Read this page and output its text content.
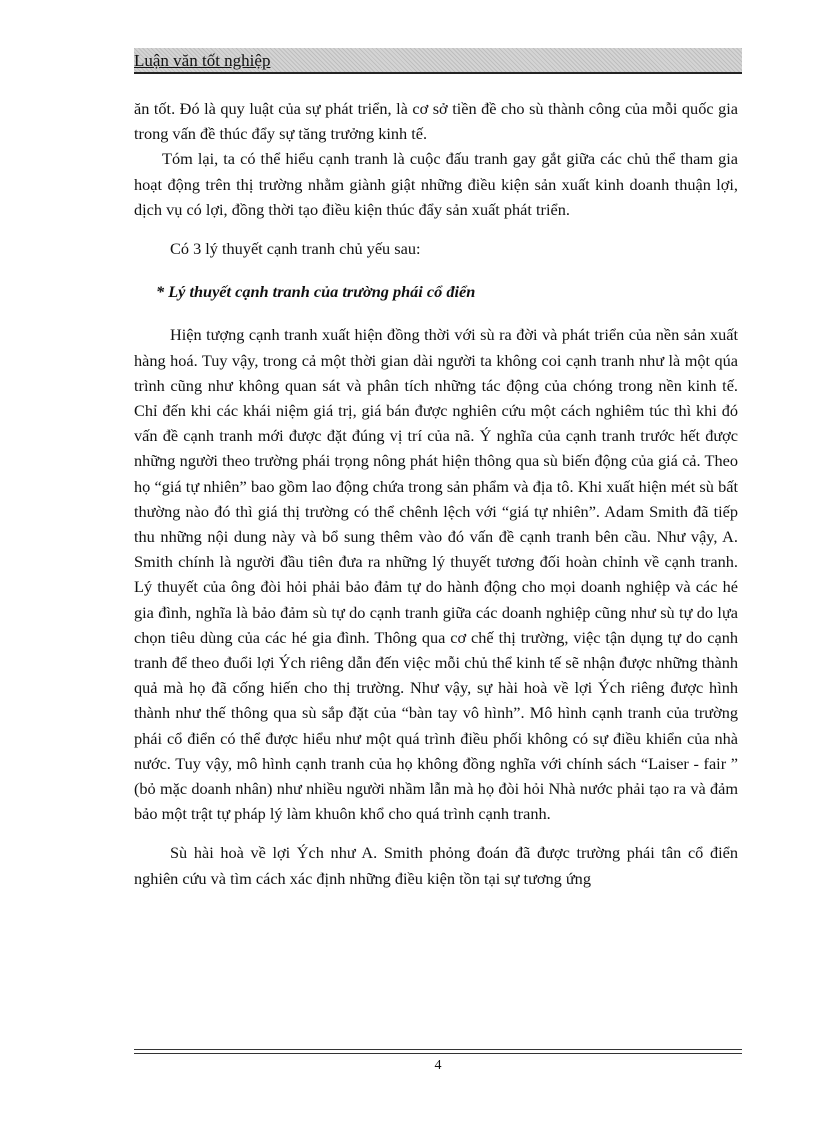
Luận văn tốt nghiệp

ăn tốt. Đó là quy luật của sự phát triển, là cơ sở tiền đề cho sù thành công của mỗi quốc gia trong vấn đề thúc đẩy sự tăng trưởng kinh tế.

Tóm lại, ta có thể hiểu cạnh tranh là cuộc đấu tranh gay gắt giữa các chủ thể tham gia hoạt động trên thị trường nhằm giành giật những điều kiện sản xuất kinh doanh thuận lợi, dịch vụ có lợi, đồng thời tạo điều kiện thúc đẩy sản xuất phát triển.

Có 3 lý thuyết cạnh tranh chủ yếu sau:

* Lý thuyết cạnh tranh của trường phái cổ điển

Hiện tượng cạnh tranh xuất hiện đồng thời với sù ra đời và phát triển của nền sản xuất hàng hoá. Tuy vậy, trong cả một thời gian dài người ta không coi cạnh tranh như là một qúa trình cũng như không quan sát và phân tích những tác động của chóng trong nền kinh tế. Chỉ đến khi các khái niệm giá trị, giá bán được nghiên cứu một cách nghiêm túc thì khi đó vấn đề cạnh tranh mới được đặt đúng vị trí của nã. Ý nghĩa của cạnh tranh trước hết được những người theo trường phái trọng nông phát hiện thông qua sù biến động của giá cả. Theo họ “giá tự nhiên” bao gồm lao động chứa trong sản phẩm và địa tô. Khi xuất hiện mét sù bất thường nào đó thì giá thị trường có thể chênh lệch với “giá tự nhiên”. Adam Smith đã tiếp thu những nội dung này và bổ sung thêm vào đó vấn đề cạnh tranh bên cầu. Như vậy, A. Smith chính là người đầu tiên đưa ra những lý thuyết tương đối hoàn chỉnh về cạnh tranh. Lý thuyết của ông đòi hỏi phải bảo đảm tự do hành động cho mọi doanh nghiệp và các hé gia đình, nghĩa là bảo đảm sù tự do cạnh tranh giữa các doanh nghiệp cũng như sù tự do lựa chọn tiêu dùng của các hé gia đình. Thông qua cơ chế thị trường, việc tận dụng tự do cạnh tranh để theo đuổi lợi Ých riêng dẫn đến việc mỗi chủ thể kinh tế sẽ nhận được những thành quả mà họ đã cống hiến cho thị trường. Như vậy, sự hài hoà về lợi Ých riêng được hình thành như thế thông qua sù sắp đặt của “bàn tay vô hình”. Mô hình cạnh tranh của trường phái cổ điển có thể được hiểu như một quá trình điều phối không có sự điều khiển của nhà nước. Tuy vậy, mô hình cạnh tranh của họ không đồng nghĩa với chính sách “Laiser - fair ” (bỏ mặc doanh nhân) như nhiều người nhầm lẫn mà họ đòi hỏi Nhà nước phải tạo ra và đảm bảo một trật tự pháp lý làm khuôn khổ cho quá trình cạnh tranh.

Sù hài hoà về lợi Ých như A. Smith phỏng đoán đã được trường phái tân cổ điển nghiên cứu và tìm cách xác định những điều kiện tồn tại sự tương ứng

4
